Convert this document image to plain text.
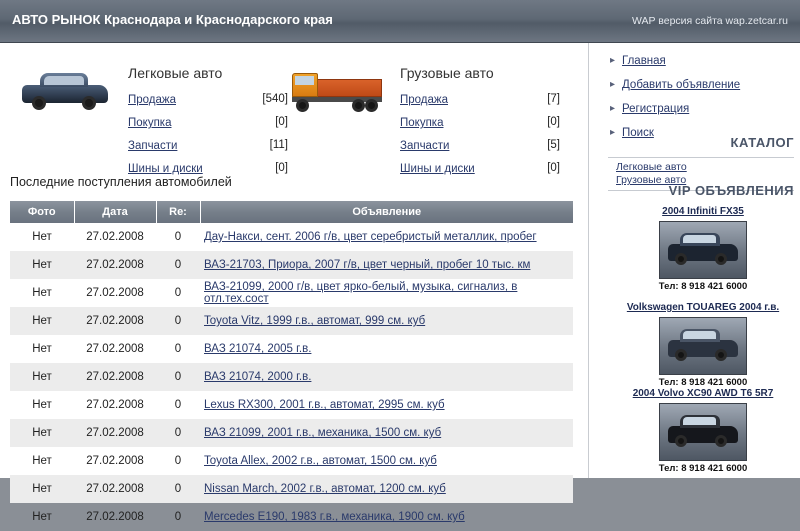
АВТО РЫНОК Краснодара и Краснодарского края	WAP версия сайта wap.zetcar.ru
Легковые авто
Продажа	[540]
Покупка	[0]
Запчасти	[11]
Шины и диски	[0]
Грузовые авто
Продажа	[7]
Покупка	[0]
Запчасти	[5]
Шины и диски	[0]
Последние поступления автомобилей
Фото	Дата	Re:	Объявление
Нет	27.02.2008	0	Дау-Накси, сент. 2006 г/в, цвет серебристый металлик, пробег
Нет	27.02.2008	0	ВАЗ-21703, Приора, 2007 г/в, цвет черный, пробег 10 тыс. км
Нет	27.02.2008	0	ВАЗ-21099, 2000 г/в, цвет ярко-белый, музыка, сигнализ, в отл.тех.сост
Нет	27.02.2008	0	Toyota Vitz, 1999 г.в., автомат, 999 см. куб
Нет	27.02.2008	0	ВАЗ 21074, 2005 г.в.
Нет	27.02.2008	0	ВАЗ 21074, 2000 г.в.
Нет	27.02.2008	0	Lexus RX300, 2001 г.в., автомат, 2995 см. куб
Нет	27.02.2008	0	ВАЗ 21099, 2001 г.в., механика, 1500 см. куб
Нет	27.02.2008	0	Toyota Allex, 2002 г.в., автомат, 1500 см. куб
Нет	27.02.2008	0	Nissan March, 2002 г.в., автомат, 1200 см. куб
Нет	27.02.2008	0	Mercedes E190, 1983 г.в., механика, 1900 см. куб
▸ Главная
▸ Добавить объявление
▸ Регистрация
▸ Поиск
КАТАЛОГ
Легковые авто
Грузовые авто
VIP ОБЪЯВЛЕНИЯ
2004 Infiniti FX35
Тел: 8 918 421 6000
Volkswagen TOUAREG 2004 г.в.
Тел: 8 918 421 6000
2004 Volvo XC90 AWD T6 5R7
Тел: 8 918 421 6000
